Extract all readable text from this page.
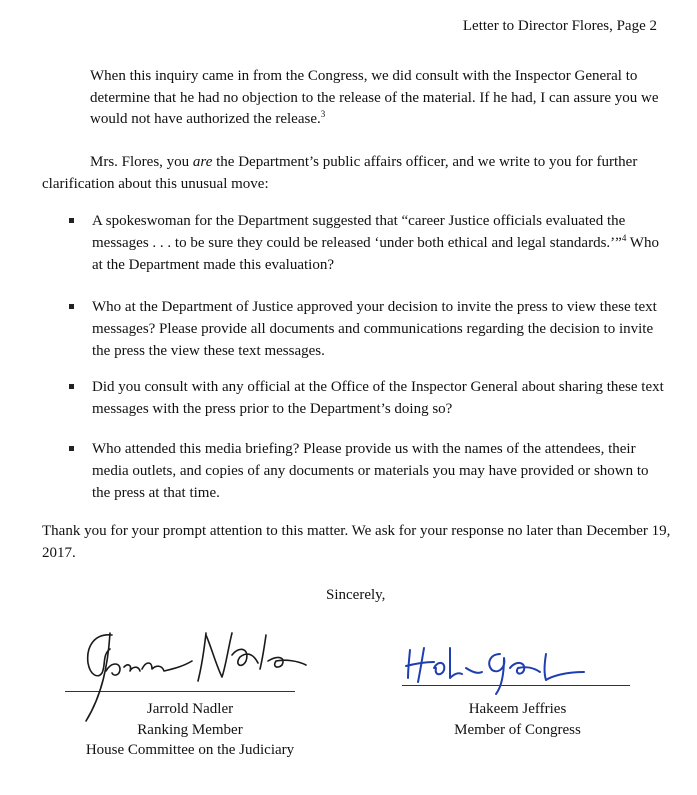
Letter to Director Flores, Page 2

When this inquiry came in from the Congress, we did consult with the Inspector General to determine that he had no objection to the release of the material. If he had, I can assure you we would not have authorized the release.$^3$

Mrs. Flores, you are the Department’s public affairs officer, and we write to you for further clarification about this unusual move:

A spokeswoman for the Department suggested that “career Justice officials evaluated the messages . . . to be sure they could be released ‘under both ethical and legal standards.’”$^4$ Who at the Department made this evaluation?
Who at the Department of Justice approved your decision to invite the press to view these text messages? Please provide all documents and communications regarding the decision to invite the press the view these text messages.
Did you consult with any official at the Office of the Inspector General about sharing these text messages with the press prior to the Department’s doing so?
Who attended this media briefing? Please provide us with the names of the attendees, their media outlets, and copies of any documents or materials you may have provided or shown to the press at that time.

Thank you for your prompt attention to this matter. We ask for your response no later than December 19, 2017.

Sincerely,
Jarrold Nadler
Ranking Member
House Committee on the Judiciary
Hakeem Jeffries
Member of Congress
